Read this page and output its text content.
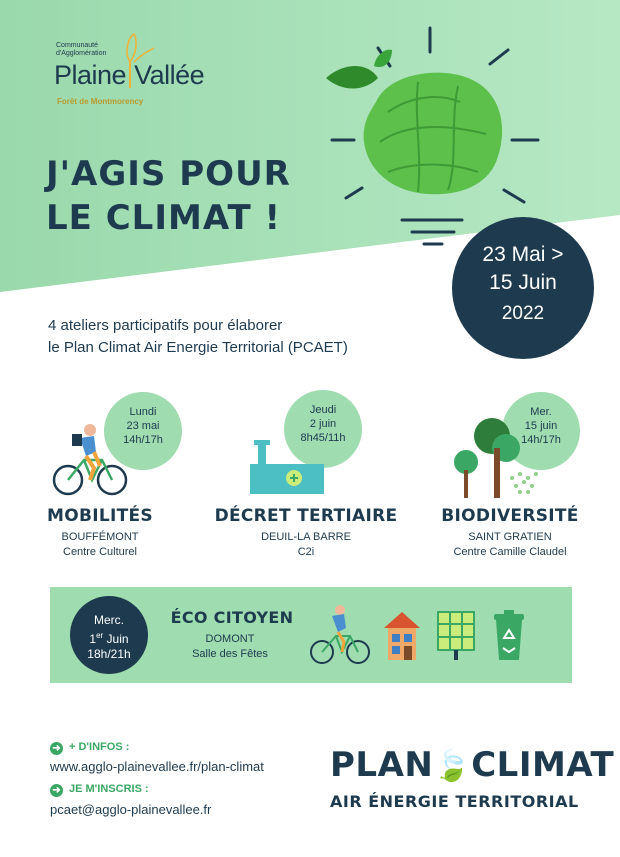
Communauté
d'Agglomération
Plaine Vallée
Forêt de Montmorency
J'AGIS POUR
LE CLIMAT !
23 Mai >
15 Juin
2022
4 ateliers participatifs pour élaborer
le Plan Climat Air Energie Territorial (PCAET)
Lundi
23 mai
14h/17h
MOBILITÉS
BOUFFÉMONT
Centre Culturel
Jeudi
2 juin
8h45/11h
DÉCRET TERTIAIRE
DEUIL-LA BARRE
C2i
Mer.
15 juin
14h/17h
BIODIVERSITÉ
SAINT GRATIEN
Centre Camille Claudel
Merc.
1er Juin
18h/21h
ÉCO CITOYEN
DOMONT
Salle des Fêtes
➜ + D'INFOS :
www.agglo-plainevallee.fr/plan-climat
➜ JE M'INSCRIS :
pcaet@agglo-plainevallee.fr
PLAN🍃CLIMAT
AIR ÉNERGIE TERRITORIAL
